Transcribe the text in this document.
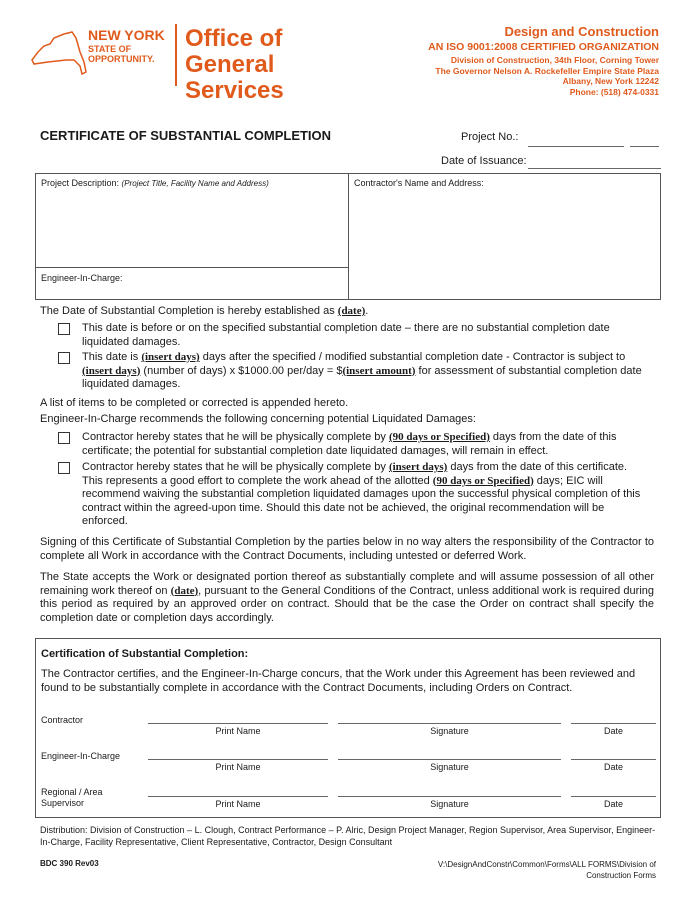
NEW YORK
STATE OF
OPPORTUNITY.
Office of
General Services
Design and Construction
AN ISO 9001:2008 CERTIFIED ORGANIZATION
Division of Construction, 34th Floor, Corning Tower
The Governor Nelson A. Rockefeller Empire State Plaza
Albany, New York 12242
Phone: (518) 474-0331
CERTIFICATE OF SUBSTANTIAL COMPLETION	Project No.:
Date of Issuance:
Project Description: (Project Title, Facility Name and Address)	Contractor's Name and Address:
Engineer-In-Charge:
The Date of Substantial Completion is hereby established as (date).
This date is before or on the specified substantial completion date – there are no substantial completion date liquidated damages.
This date is (insert days) days after the specified / modified substantial completion date - Contractor is subject to (insert days) (number of days) x $1000.00 per/day = $(insert amount) for assessment of substantial completion date liquidated damages.
A list of items to be completed or corrected is appended hereto.
Engineer-In-Charge recommends the following concerning potential Liquidated Damages:
Contractor hereby states that he will be physically complete by (90 days or Specified) days from the date of this certificate; the potential for substantial completion date liquidated damages, will remain in effect.
Contractor hereby states that he will be physically complete by (insert days) days from the date of this certificate. This represents a good effort to complete the work ahead of the allotted (90 days or Specified) days; EIC will recommend waiving the substantial completion liquidated damages upon the successful physical completion of this contract within the agreed-upon time. Should this date not be achieved, the original recommendation will be enforced.
Signing of this Certificate of Substantial Completion by the parties below in no way alters the responsibility of the Contractor to complete all Work in accordance with the Contract Documents, including untested or deferred Work.
The State accepts the Work or designated portion thereof as substantially complete and will assume possession of all other remaining work thereof on (date), pursuant to the General Conditions of the Contract, unless additional work is required during this period as required by an approved order on contract. Should that be the case the Order on contract shall specify the completion date or completion days accordingly.
Certification of Substantial Completion:
The Contractor certifies, and the Engineer-In-Charge concurs, that the Work under this Agreement has been reviewed and found to be substantially complete in accordance with the Contract Documents, including Orders on Contract.
Contractor
Print Name	Signature	Date
Engineer-In-Charge
Print Name	Signature	Date
Regional / Area
Supervisor	Print Name	Signature	Date
Distribution: Division of Construction – L. Clough, Contract Performance – P. Alric, Design Project Manager, Region Supervisor, Area Supervisor, Engineer-In-Charge, Facility Representative, Client Representative, Contractor, Design Consultant
BDC 390 Rev03	V:\DesignAndConstr\Common\Forms\ALL FORMS\Division of
Construction Forms
